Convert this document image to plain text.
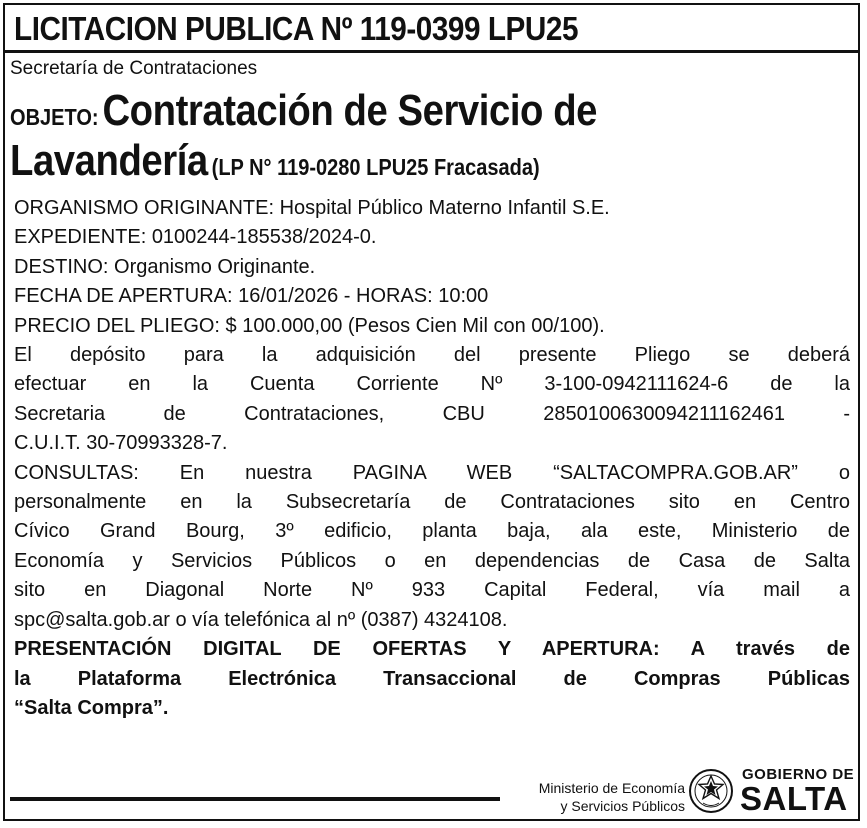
LICITACION PUBLICA Nº 119-0399 LPU25
Secretaría de Contrataciones
OBJETO: Contratación de Servicio de
Lavandería (LP N° 119-0280 LPU25 Fracasada)

ORGANISMO ORIGINANTE: Hospital Público Materno Infantil S.E.

EXPEDIENTE: 0100244-185538/2024-0.

DESTINO: Organismo Originante.

FECHA DE APERTURA: 16/01/2026 - HORAS: 10:00

PRECIO DEL PLIEGO: $ 100.000,00 (Pesos Cien Mil con 00/100).

El depósito para la adquisición del presente Pliego se deberá

efectuar en la Cuenta Corriente Nº 3-100-0942111624-6 de la

Secretaria de Contrataciones, CBU 2850100630094211162461 -

C.U.I.T. 30-70993328-7.

CONSULTAS: En nuestra PAGINA WEB “SALTACOMPRA.GOB.AR” o

personalmente en la Subsecretaría de Contrataciones sito en Centro

Cívico Grand Bourg, 3º edificio, planta baja, ala este, Ministerio de

Economía y Servicios Públicos o en dependencias de Casa de Salta

sito en Diagonal Norte Nº 933 Capital Federal, vía mail a

spc@salta.gob.ar o vía telefónica al nº (0387) 4324108.

PRESENTACIÓN DIGITAL DE OFERTAS Y APERTURA: A través de

la Plataforma Electrónica Transaccional de Compras Públicas

“Salta Compra”.

Ministerio de Economía
y Servicios Públicos
GOBIERNO DE
SALTA
